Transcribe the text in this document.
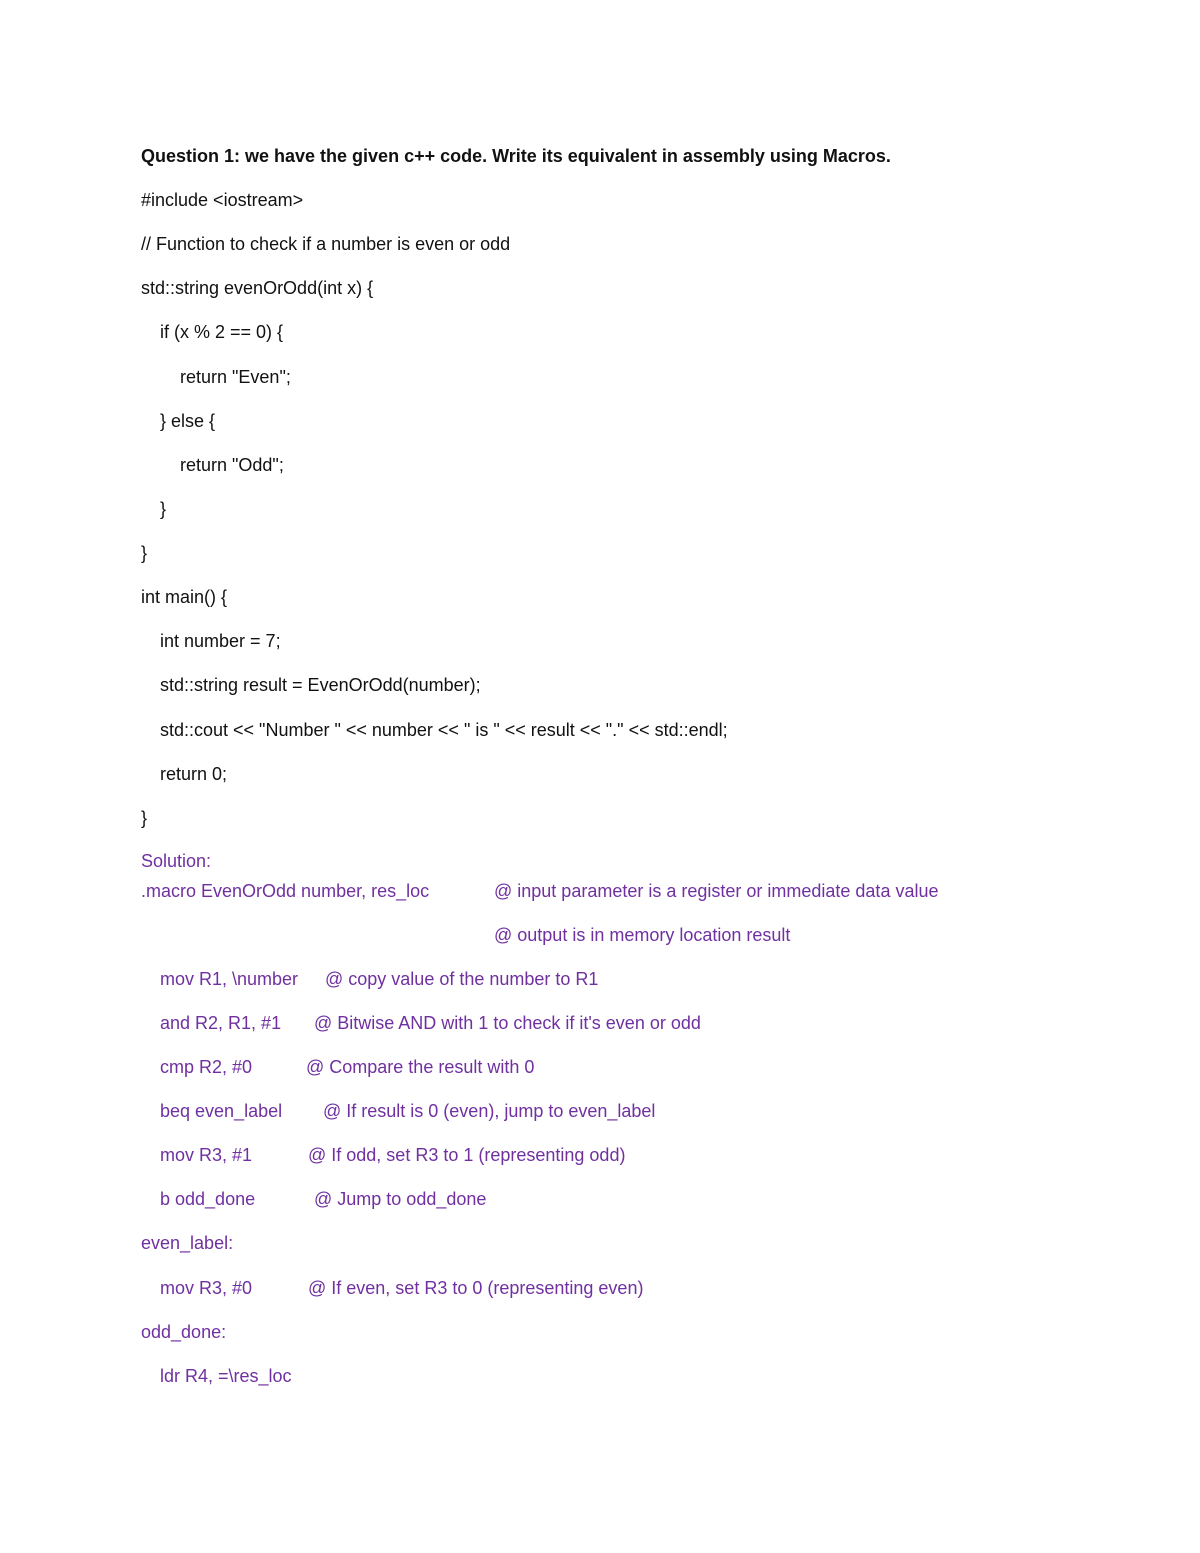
Question 1: we have the given c++ code. Write its equivalent in assembly using Macros.
#include <iostream>
// Function to check if a number is even or odd
std::string evenOrOdd(int x) {
if (x % 2 == 0) {
return "Even";
} else {
return "Odd";
}
}
int main() {
int number = 7;
std::string result = EvenOrOdd(number);
std::cout << "Number " << number << " is " << result << "." << std::endl;
return 0;
}
Solution:
.macro EvenOrOdd number, res_loc	@ input parameter is a register or immediate data value
@ output is in memory location result
mov R1, \number @ copy value of the number to R1
and R2, R1, #1 @ Bitwise AND with 1 to check if it's even or odd
cmp R2, #0	@ Compare the result with 0
beq even_label @ If result is 0 (even), jump to even_label
mov R3, #1	@ If odd, set R3 to 1 (representing odd)
b odd_done	@ Jump to odd_done
even_label:
mov R3, #0	@ If even, set R3 to 0 (representing even)
odd_done:
ldr R4, =\res_loc
